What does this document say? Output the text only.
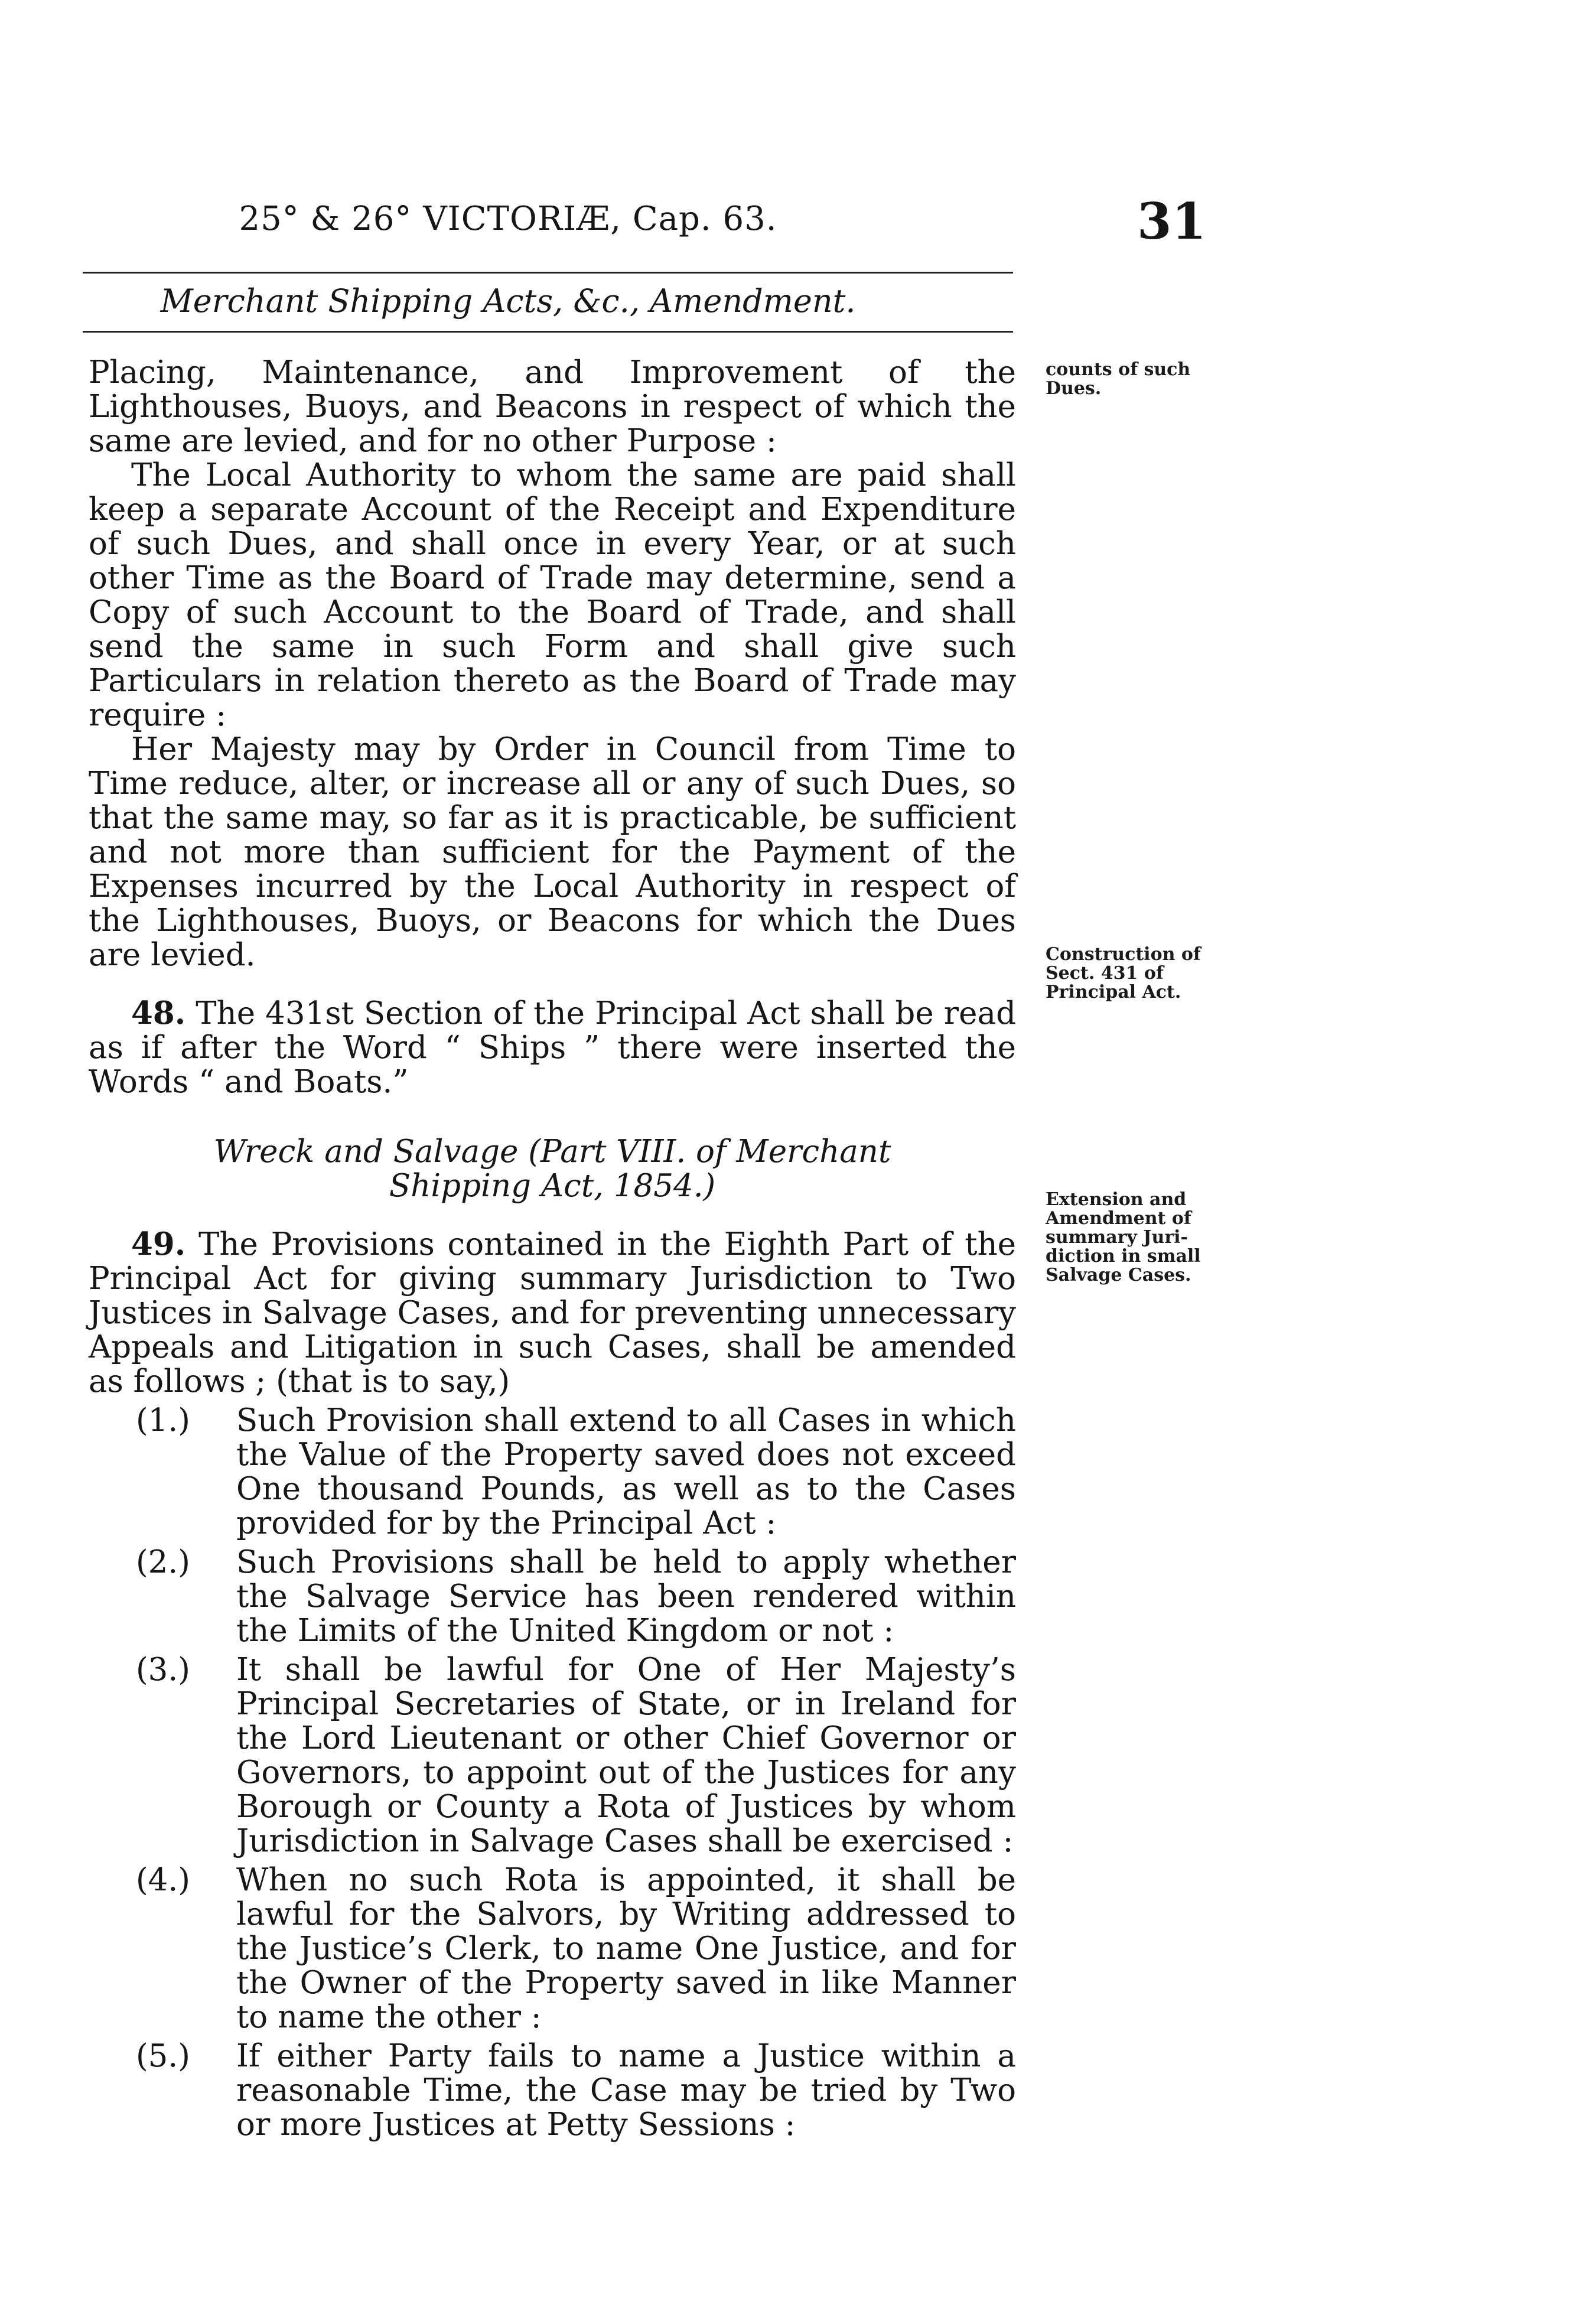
25° & 26° VICTORIÆ, Cap. 63.	31
Merchant Shipping Acts, &c., Amendment.
counts of such Dues.
Construction of Sect. 431 of Principal Act.
Extension and Amendment of summary Juri-diction in small Salvage Cases.

Placing, Maintenance, and Improvement of the Lighthouses, Buoys, and Beacons in respect of which the same are levied, and for no other Purpose :

The Local Authority to whom the same are paid shall keep a separate Account of the Receipt and Expenditure of such Dues, and shall once in every Year, or at such other Time as the Board of Trade may determine, send a Copy of such Account to the Board of Trade, and shall send the same in such Form and shall give such Particulars in relation thereto as the Board of Trade may require :

Her Majesty may by Order in Council from Time to Time reduce, alter, or increase all or any of such Dues, so that the same may, so far as it is practicable, be sufficient and not more than sufficient for the Payment of the Expenses incurred by the Local Authority in respect of the Lighthouses, Buoys, or Beacons for which the Dues are levied.

48. The 431st Section of the Principal Act shall be read as if after the Word “ Ships ” there were inserted the Words “ and Boats.”

Wreck and Salvage (Part VIII. of Merchant Shipping Act, 1854.)

49. The Provisions contained in the Eighth Part of the Principal Act for giving summary Jurisdiction to Two Justices in Salvage Cases, and for preventing unnecessary Appeals and Litigation in such Cases, shall be amended as follows ; (that is to say,)

(1.) Such Provision shall extend to all Cases in which the Value of the Property saved does not exceed One thousand Pounds, as well as to the Cases provided for by the Principal Act :
(2.) Such Provisions shall be held to apply whether the Salvage Service has been rendered within the Limits of the United Kingdom or not :
(3.) It shall be lawful for One of Her Majesty’s Principal Secretaries of State, or in Ireland for the Lord Lieutenant or other Chief Governor or Governors, to appoint out of the Justices for any Borough or County a Rota of Justices by whom Jurisdiction in Salvage Cases shall be exercised :
(4.) When no such Rota is appointed, it shall be lawful for the Salvors, by Writing addressed to the Justice’s Clerk, to name One Justice, and for the Owner of the Property saved in like Manner to name the other :
(5.) If either Party fails to name a Justice within a reasonable Time, the Case may be tried by Two or more Justices at Petty Sessions :
